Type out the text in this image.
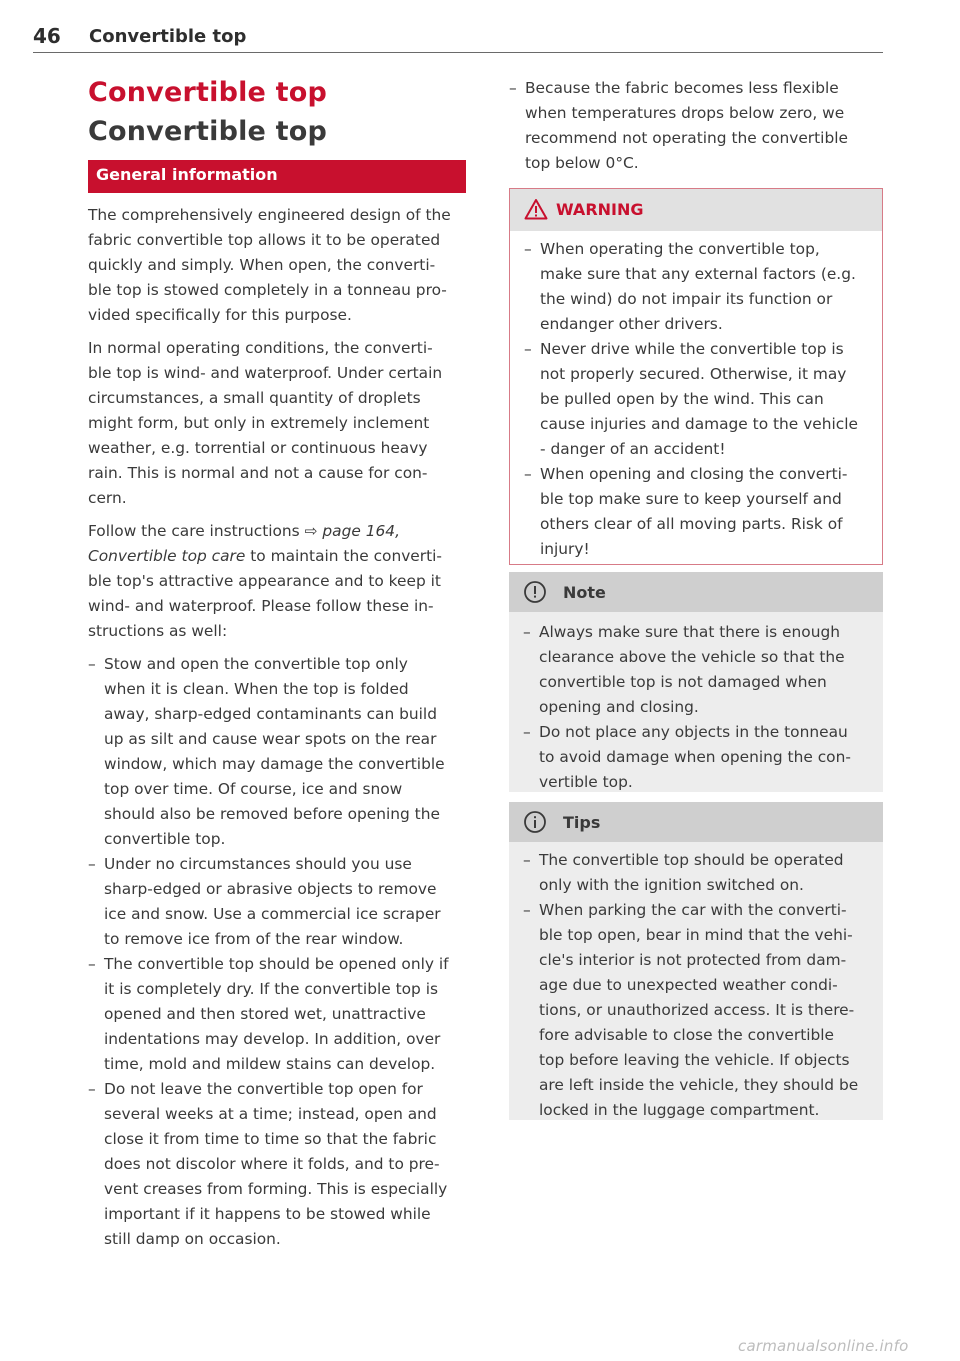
46 Convertible top
Convertible top
Convertible top
General information

The comprehensively engineered design of the
fabric convertible top allows it to be operated
quickly and simply. When open, the converti-
ble top is stowed completely in a tonneau pro-
vided specifically for this purpose.

In normal operating conditions, the converti-
ble top is wind- and waterproof. Under certain
circumstances, a small quantity of droplets
might form, but only in extremely inclement
weather, e.g. torrential or continuous heavy
rain. This is normal and not a cause for con-
cern.

Follow the care instructions ⇨ page 164,
Convertible top care to maintain the converti-
ble top's attractive appearance and to keep it
wind- and waterproof. Please follow these in-
structions as well:

– Stow and open the convertible top only
when it is clean. When the top is folded
away, sharp-edged contaminants can build
up as silt and cause wear spots on the rear
window, which may damage the convertible
top over time. Of course, ice and snow
should also be removed before opening the
convertible top.
– Under no circumstances should you use
sharp-edged or abrasive objects to remove
ice and snow. Use a commercial ice scraper
to remove ice from of the rear window.
– The convertible top should be opened only if
it is completely dry. If the convertible top is
opened and then stored wet, unattractive
indentations may develop. In addition, over
time, mold and mildew stains can develop.
– Do not leave the convertible top open for
several weeks at a time; instead, open and
close it from time to time so that the fabric
does not discolor where it folds, and to pre-
vent creases from forming. This is especially
important if it happens to be stowed while
still damp on occasion.
– Because the fabric becomes less flexible
when temperatures drops below zero, we
recommend not operating the convertible
top below 0°C.
WARNING
– When operating the convertible top,
make sure that any external factors (e.g.
the wind) do not impair its function or
endanger other drivers.
– Never drive while the convertible top is
not properly secured. Otherwise, it may
be pulled open by the wind. This can
cause injuries and damage to the vehicle
- danger of an accident!
– When opening and closing the converti-
ble top make sure to keep yourself and
others clear of all moving parts. Risk of
injury!
Note
– Always make sure that there is enough
clearance above the vehicle so that the
convertible top is not damaged when
opening and closing.
– Do not place any objects in the tonneau
to avoid damage when opening the con-
vertible top.
Tips
– The convertible top should be operated
only with the ignition switched on.
– When parking the car with the converti-
ble top open, bear in mind that the vehi-
cle's interior is not protected from dam-
age due to unexpected weather condi-
tions, or unauthorized access. It is there-
fore advisable to close the convertible
top before leaving the vehicle. If objects
are left inside the vehicle, they should be
locked in the luggage compartment.
carmanualsonline.info
